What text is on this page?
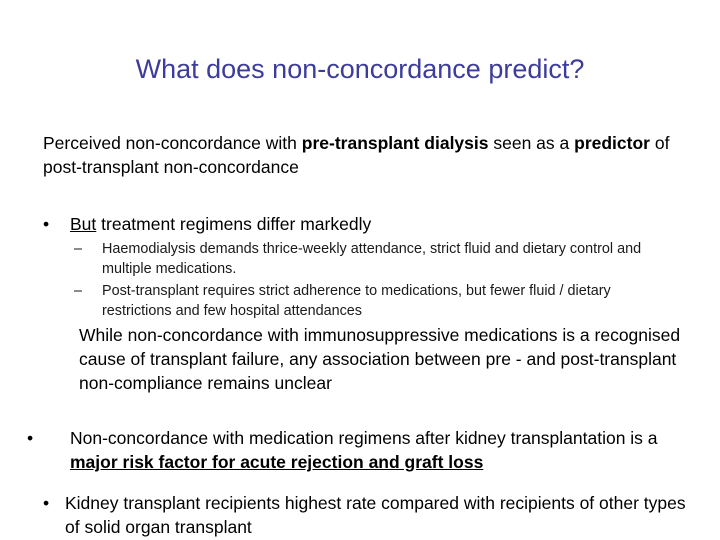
What does non-concordance predict?
Perceived non-concordance with pre-transplant dialysis seen as a predictor of post-transplant non-concordance
•	But treatment regimens differ markedly
–	Haemodialysis demands thrice-weekly attendance, strict fluid and dietary control and multiple medications.
–	Post-transplant requires strict adherence to medications, but fewer fluid / dietary restrictions and few hospital attendances
While non-concordance with immunosuppressive medications is a recognised cause of transplant failure, any association between pre - and post-transplant non-compliance remains unclear
•	Non-concordance with medication regimens after kidney transplantation is a major risk factor for acute rejection and graft loss
• Kidney transplant recipients highest rate compared with recipients of other types of solid organ transplant
